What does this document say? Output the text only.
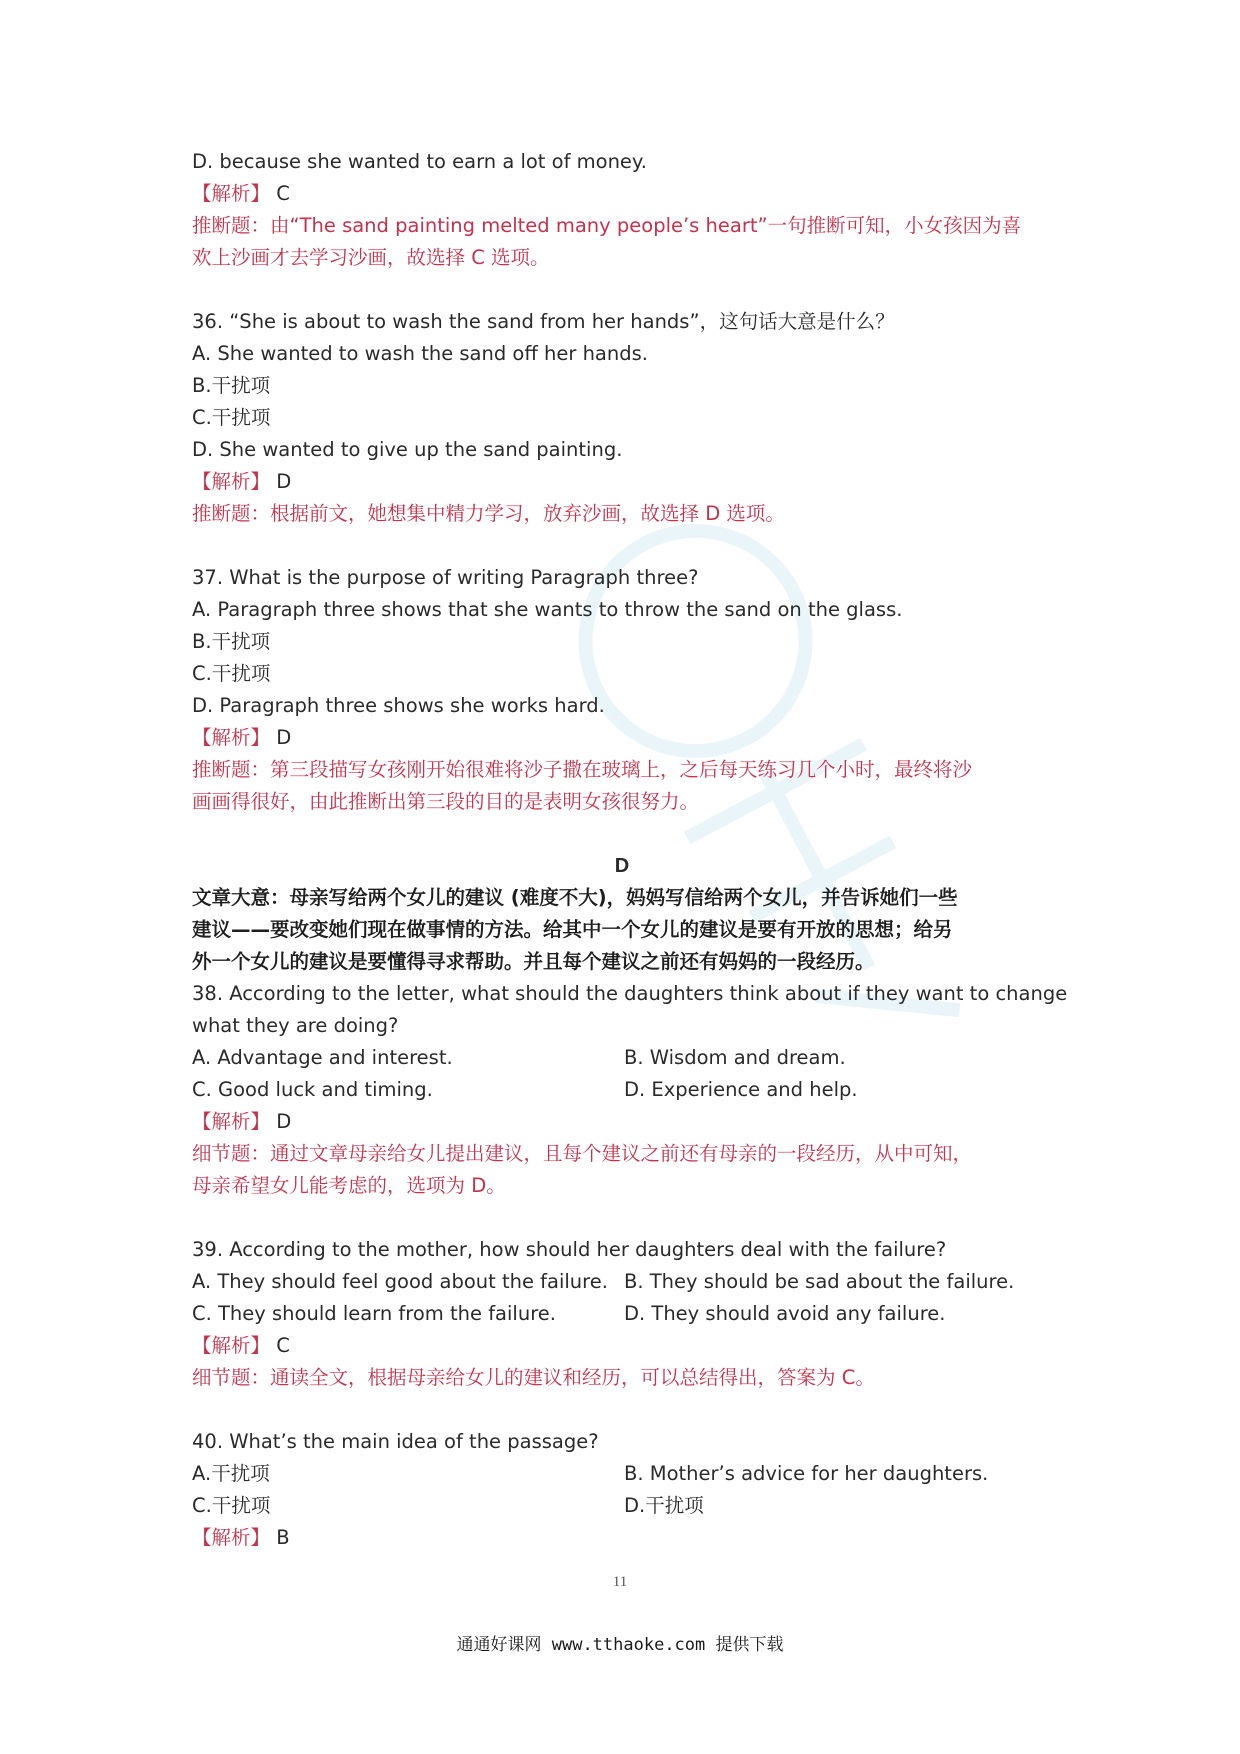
D. because she wanted to earn a lot of money.
【解析】 C
推断题：由“The sand painting melted many people’s heart”一句推断可知，小女孩因为喜
欢上沙画才去学习沙画，故选择 C 选项。
36. “She is about to wash the sand from her hands”，这句话大意是什么？
A. She wanted to wash the sand off her hands.
B.干扰项
C.干扰项
D. She wanted to give up the sand painting.
【解析】 D
推断题：根据前文，她想集中精力学习，放弃沙画，故选择 D 选项。
37. What is the purpose of writing Paragraph three?
A. Paragraph three shows that she wants to throw the sand on the glass.
B.干扰项
C.干扰项
D. Paragraph three shows she works hard.
【解析】 D
推断题：第三段描写女孩刚开始很难将沙子撒在玻璃上，之后每天练习几个小时，最终将沙
画画得很好，由此推断出第三段的目的是表明女孩很努力。
D
文章大意：母亲写给两个女儿的建议 (难度不大)，妈妈写信给两个女儿，并告诉她们一些
建议——要改变她们现在做事情的方法。给其中一个女儿的建议是要有开放的思想；给另
外一个女儿的建议是要懂得寻求帮助。并且每个建议之前还有妈妈的一段经历。
38. According to the letter, what should the daughters think about if they want to change
what they are doing?
A. Advantage and interest.	B. Wisdom and dream.
C. Good luck and timing.	D. Experience and help.
【解析】 D
细节题：通过文章母亲给女儿提出建议，且每个建议之前还有母亲的一段经历，从中可知，
母亲希望女儿能考虑的，选项为 D。
39. According to the mother, how should her daughters deal with the failure?
A. They should feel good about the failure. B. They should be sad about the failure.
C. They should learn from the failure.	D. They should avoid any failure.
【解析】 C
细节题：通读全文，根据母亲给女儿的建议和经历，可以总结得出，答案为 C。
40. What’s the main idea of the passage?
A.干扰项	B. Mother’s advice for her daughters.
C.干扰项	D.干扰项
【解析】 B
11
通通好课网 www.tthaoke.com 提供下载
